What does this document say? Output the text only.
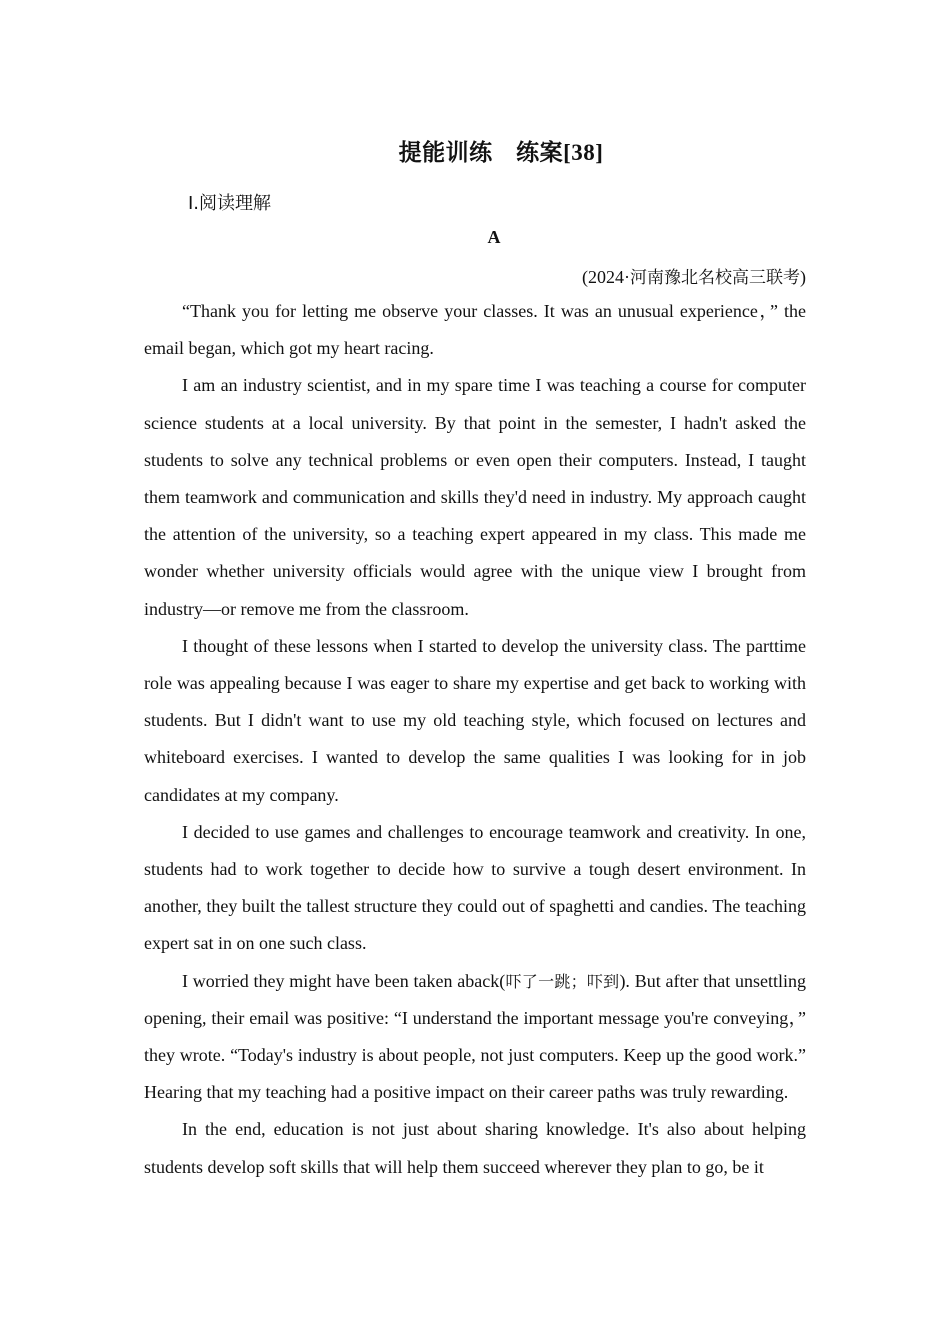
提能训练　练案[38]
Ⅰ.阅读理解
A
(2024·河南豫北名校高三联考)

“Thank you for letting me observe your classes. It was an unusual experience，” the email began, which got my heart racing.

I am an industry scientist, and in my spare time I was teaching a course for computer science students at a local university. By that point in the semester, I hadn't asked the students to solve any technical problems or even open their computers. Instead, I taught them teamwork and communication and skills they'd need in industry. My approach caught the attention of the university, so a teaching expert appeared in my class. This made me wonder whether university officials would agree with the unique view I brought from industry—or remove me from the classroom.

I thought of these lessons when I started to develop the university class. The parttime role was appealing because I was eager to share my expertise and get back to working with students. But I didn't want to use my old teaching style, which focused on lectures and whiteboard exercises. I wanted to develop the same qualities I was looking for in job candidates at my company.

I decided to use games and challenges to encourage teamwork and creativity. In one, students had to work together to decide how to survive a tough desert environment. In another, they built the tallest structure they could out of spaghetti and candies. The teaching expert sat in on one such class.

I worried they might have been taken aback(吓了一跳；吓到). But after that unsettling opening, their email was positive: “I understand the important message you're conveying，” they wrote. “Today's industry is about people, not just computers. Keep up the good work.” Hearing that my teaching had a positive impact on their career paths was truly rewarding.

In the end, education is not just about sharing knowledge. It's also about helping students develop soft skills that will help them succeed wherever they plan to go, be it
